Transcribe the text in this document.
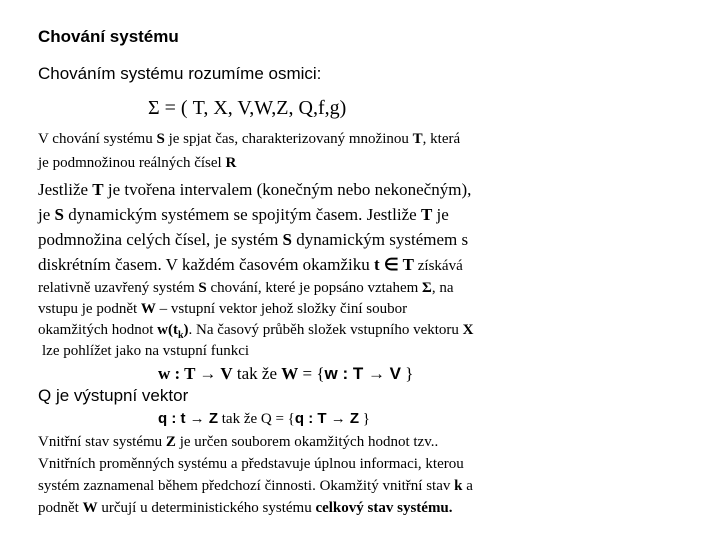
Chování systému
Chováním systému rozumíme osmici:
Σ = ( T, X, V,W,Z, Q,f,g)
V chování systému S je spjat čas, charakterizovaný množinou T, která
je podmnožinou reálných čísel R
Jestliže T je tvořena intervalem (konečným nebo nekonečným),
je S dynamickým systémem se spojitým časem. Jestliže T je
podmnožina celých čísel, je systém S dynamickým systémem s
diskrétním časem. V každém časovém okamžiku t ∈ T získává
relativně uzavřený systém S chování, které je popsáno vztahem Σ, na
vstupu je podnět W – vstupní vektor jehož složky činí soubor
okamžitých hodnot $w(t_k)$. Na časový průběh složek vstupního vektoru X
lze pohlížet jako na vstupní funkci
w : T → V tak že W = {w : T → V }
Q je výstupní vektor
q : t → Z tak že Q = {q : T → Z }
Vnitřní stav systému Z je určen souborem okamžitých hodnot tzv..
Vnitřních proměnných systému a představuje úplnou informaci, kterou
systém zaznamenal během předchozí činnosti. Okamžitý vnitřní stav k a
podnět W určují u deterministického systému celkový stav systému.
